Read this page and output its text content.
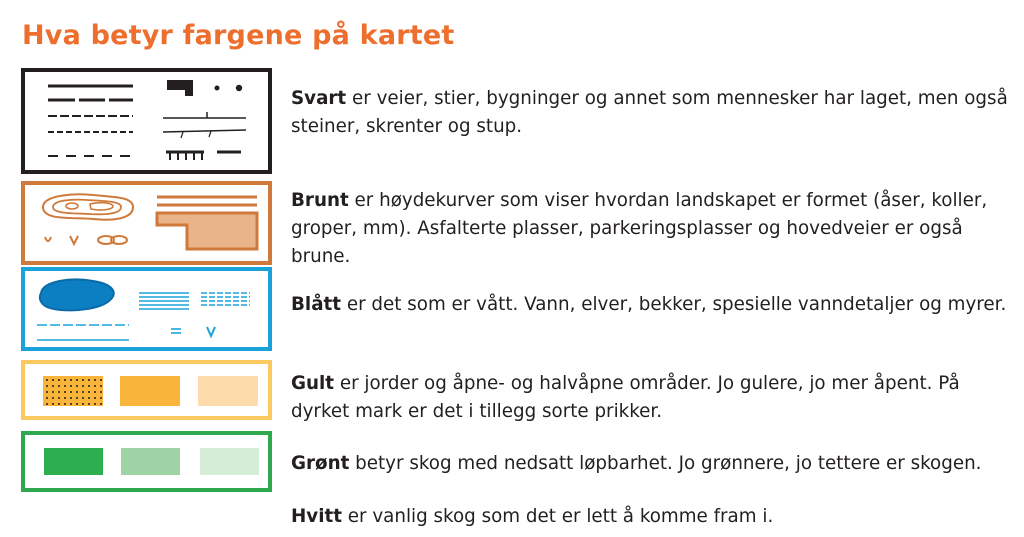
Hva betyr fargene på kartet
Svart er veier, stier, bygninger og annet som mennesker har laget, men også steiner, skrenter og stup.
Brunt er høydekurver som viser hvordan landskapet er formet (åser, koller, groper, mm). Asfalterte plasser, parkeringsplasser og hovedveier er også brune.
Blått er det som er vått. Vann, elver, bekker, spesielle vanndetaljer og myrer.
Gult er jorder og åpne- og halvåpne områder. Jo gulere, jo mer åpent. På dyrket mark er det i tillegg sorte prikker.
Grønt betyr skog med nedsatt løpbarhet. Jo grønnere, jo tettere er skogen.
Hvitt er vanlig skog som det er lett å komme fram i.
